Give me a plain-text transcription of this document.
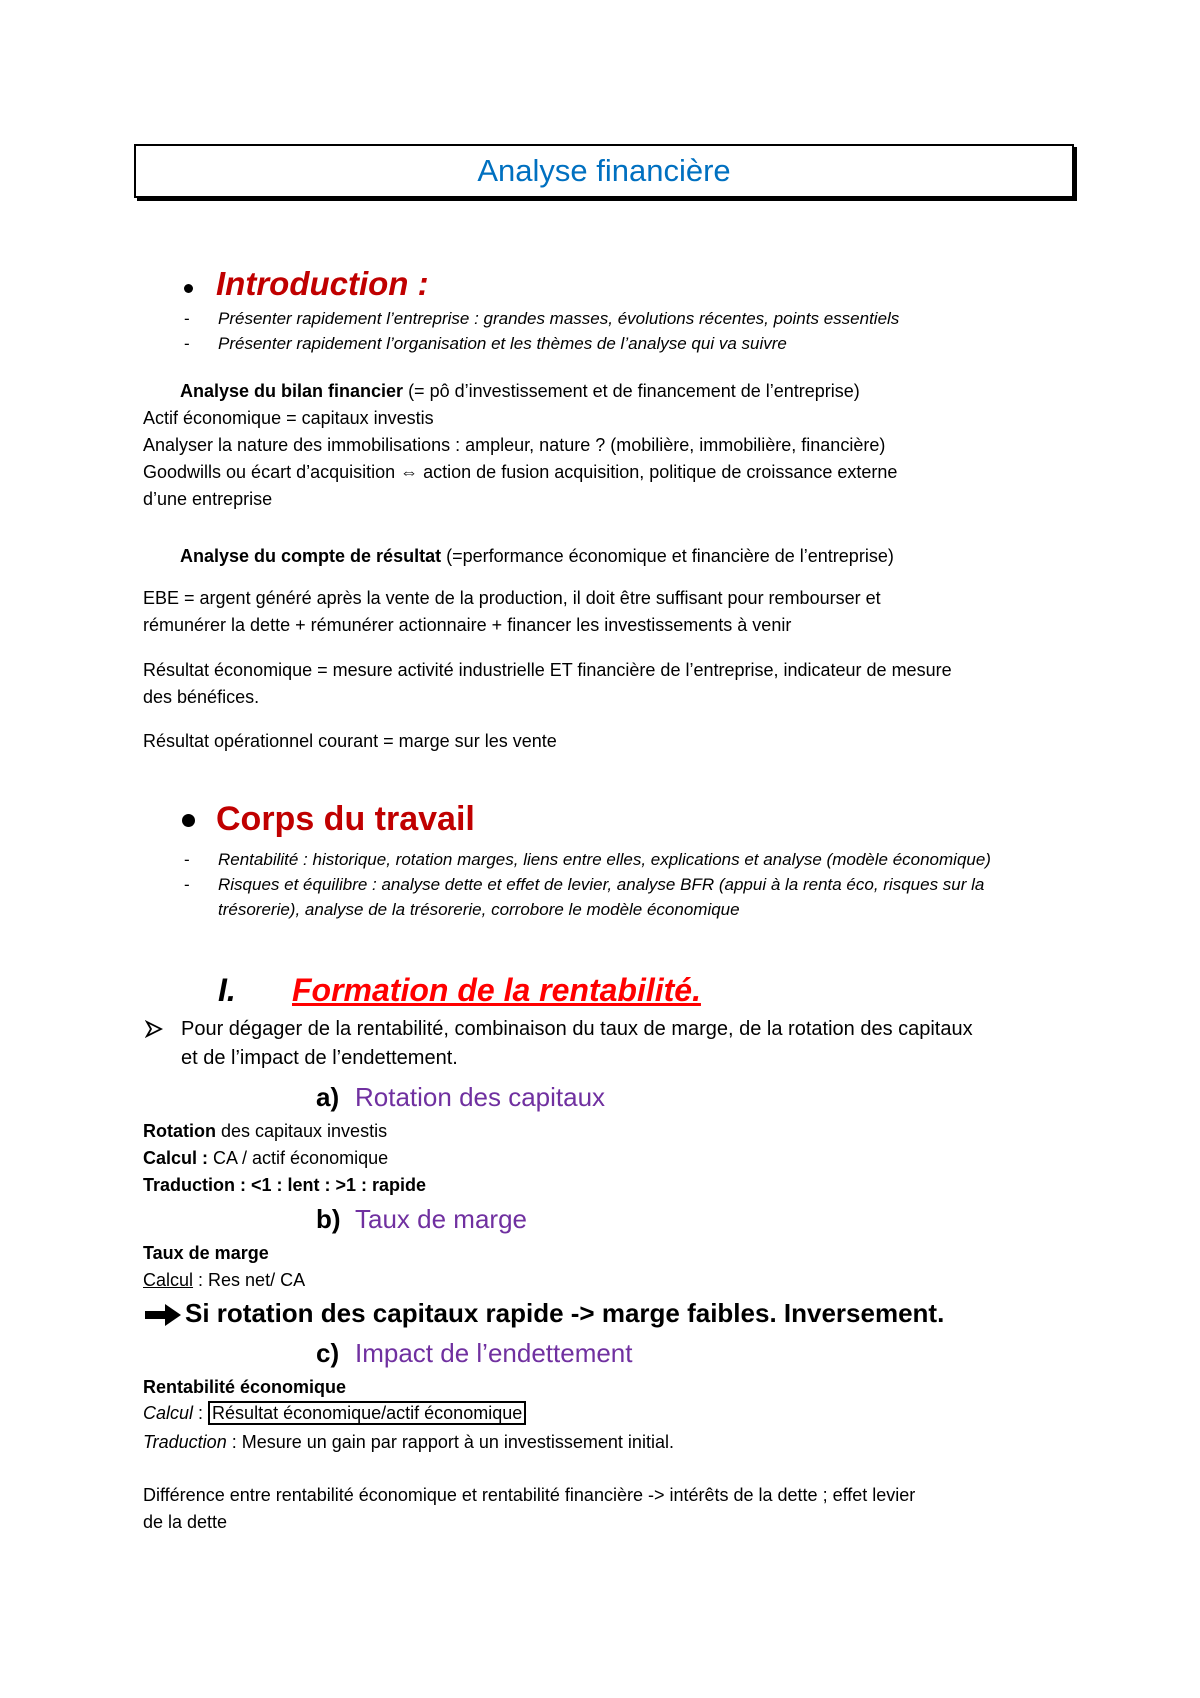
Analyse financière
Introduction :
- Présenter rapidement l’entreprise : grandes masses, évolutions récentes, points essentiels
- Présenter rapidement l’organisation et les thèmes de l’analyse qui va suivre
Analyse du bilan financier (= pô d’investissement et de financement de l’entreprise)
Actif économique = capitaux investis
Analyser la nature des immobilisations : ampleur, nature ? (mobilière, immobilière, financière)
Goodwills ou écart d’acquisition ⇔ action de fusion acquisition, politique de croissance externe
d’une entreprise
Analyse du compte de résultat (=performance économique et financière de l’entreprise)
EBE = argent généré après la vente de la production, il doit être suffisant pour rembourser et
rémunérer la dette + rémunérer actionnaire + financer les investissements à venir
Résultat économique = mesure activité industrielle ET financière de l’entreprise, indicateur de mesure
des bénéfices.
Résultat opérationnel courant = marge sur les vente
Corps du travail
- Rentabilité : historique, rotation marges, liens entre elles, explications et analyse (modèle économique)
- Risques et équilibre : analyse dette et effet de levier, analyse BFR (appui à la renta éco, risques sur la
trésorerie), analyse de la trésorerie, corrobore le modèle économique
I. Formation de la rentabilité.
Pour dégager de la rentabilité, combinaison du taux de marge, de la rotation des capitaux
et de l’impact de l’endettement.
a) Rotation des capitaux
Rotation des capitaux investis
Calcul : CA / actif économique
Traduction : <1 : lent : >1 : rapide
b) Taux de marge
Taux de marge
Calcul : Res net/ CA
Si rotation des capitaux rapide -> marge faibles. Inversement.
c) Impact de l’endettement
Rentabilité économique
Calcul : Résultat économique/actif économique
Traduction : Mesure un gain par rapport à un investissement initial.
Différence entre rentabilité économique et rentabilité financière -> intérêts de la dette ; effet levier
de la dette
